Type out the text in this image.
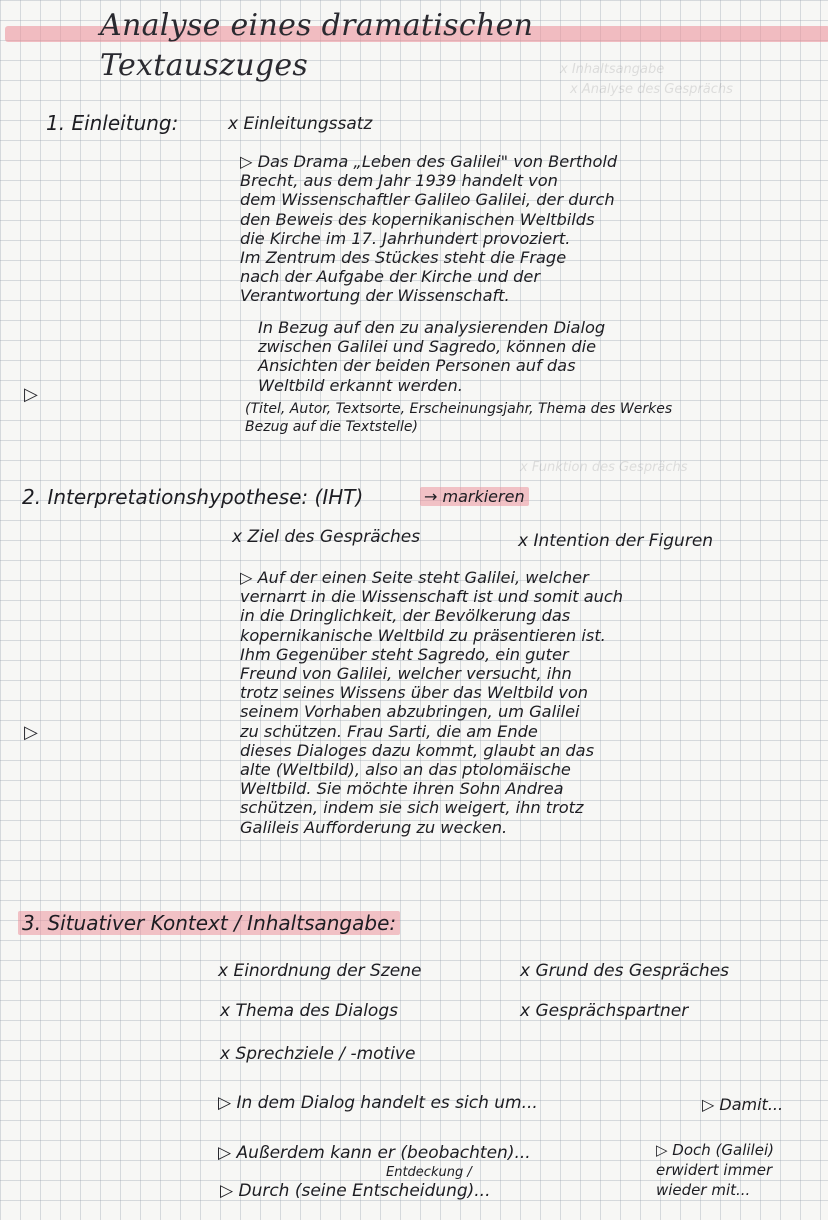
Analyse eines dramatischen Textauszuges	x Inhaltsangabe
x Analyse des Gesprächs
x Funktion des Gesprächs
1. Einleitung:	x Einleitungssatz

▷ Das Drama „Leben des Galilei" von Berthold
Brecht, aus dem Jahr 1939 handelt von
dem Wissenschaftler Galileo Galilei, der durch
den Beweis des kopernikanischen Weltbilds
die Kirche im 17. Jahrhundert provoziert.
Im Zentrum des Stückes steht die Frage
nach der Aufgabe der Kirche und der
Verantwortung der Wissenschaft.

In Bezug auf den zu analysierenden Dialog
zwischen Galilei und Sagredo, können die
Ansichten der beiden Personen auf das
Weltbild erkannt werden.

(Titel, Autor, Textsorte, Erscheinungsjahr, Thema des Werkes
Bezug auf die Textstelle)

▷
2. Interpretationshypothese: (IHT)	→ markieren
x Ziel des Gespräches	x Intention der Figuren

▷ Auf der einen Seite steht Galilei, welcher
vernarrt in die Wissenschaft ist und somit auch
in die Dringlichkeit, der Bevölkerung das
kopernikanische Weltbild zu präsentieren ist.
Ihm Gegenüber steht Sagredo, ein guter
Freund von Galilei, welcher versucht, ihn
trotz seines Wissens über das Weltbild von
seinem Vorhaben abzubringen, um Galilei
zu schützen. Frau Sarti, die am Ende
dieses Dialoges dazu kommt, glaubt an das
alte (Weltbild), also an das ptolomäische
Weltbild. Sie möchte ihren Sohn Andrea
schützen, indem sie sich weigert, ihn trotz
Galileis Aufforderung zu wecken.

▷
3. Situativer Kontext / Inhaltsangabe:
x Einordnung der Szene	x Grund des Gespräches
x Thema des Dialogs	x Gesprächspartner
x Sprechziele / -motive
▷ In dem Dialog handelt es sich um...	▷ Damit...
▷ Außerdem kann er (beobachten)...	▷ Doch (Galilei)
erwidert immer
wieder mit...

Entdeckung /
▷ Durch (seine Entscheidung)...
